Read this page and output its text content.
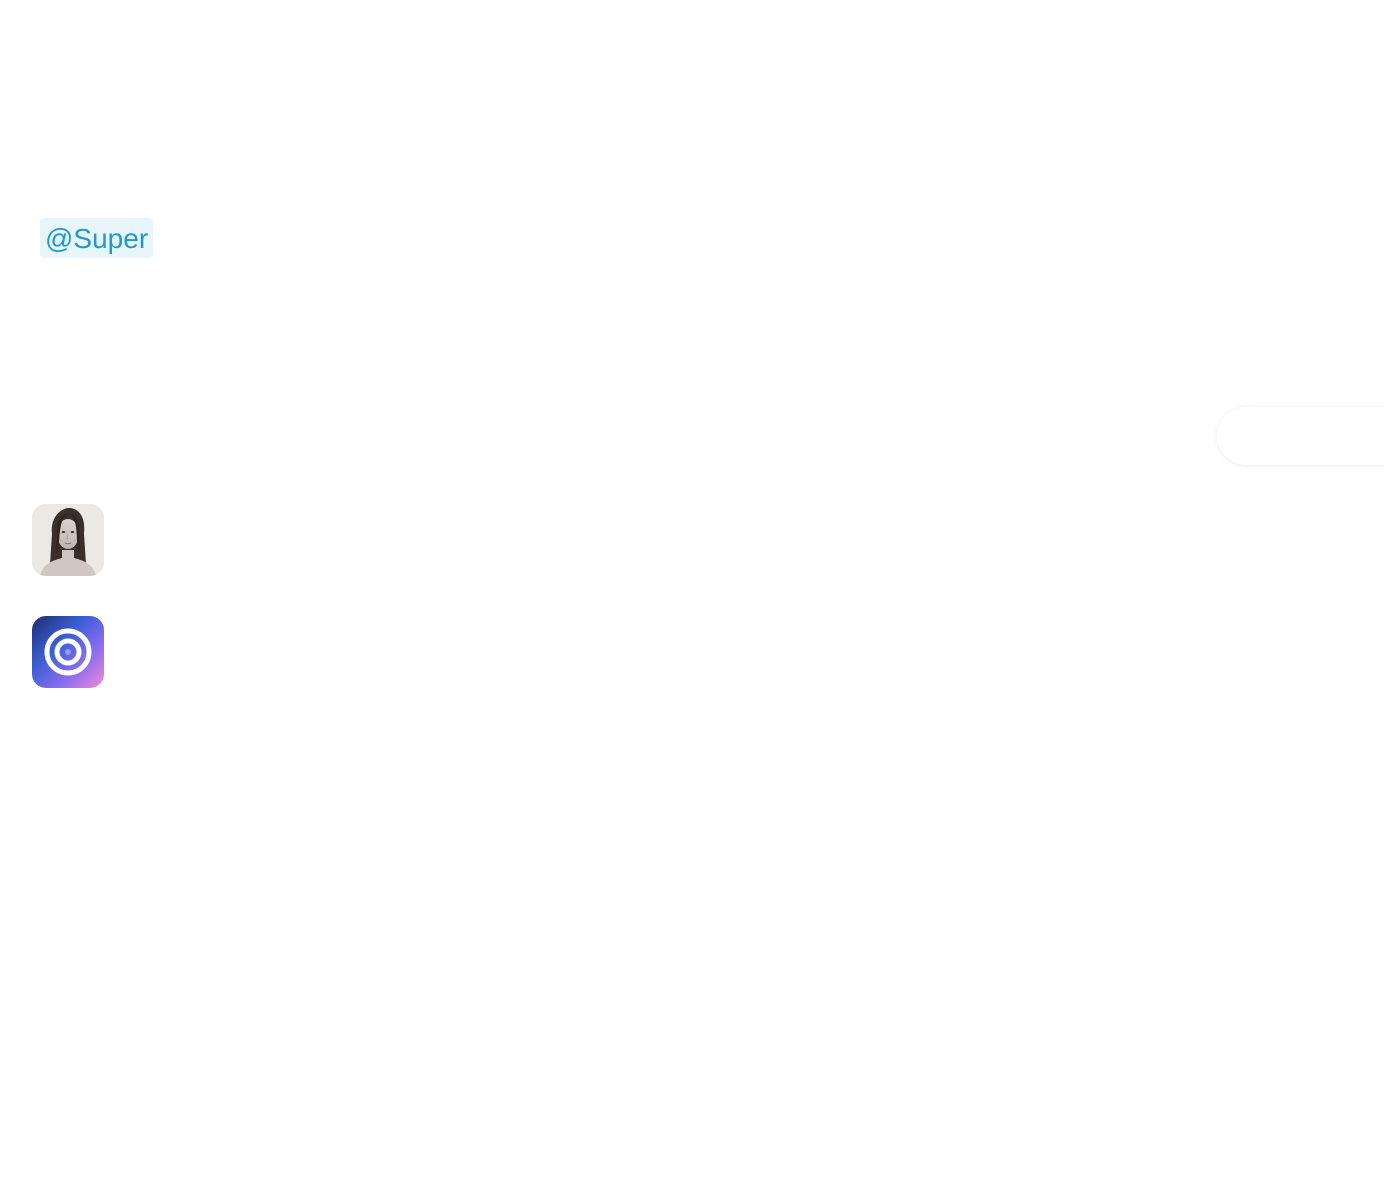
@Super
